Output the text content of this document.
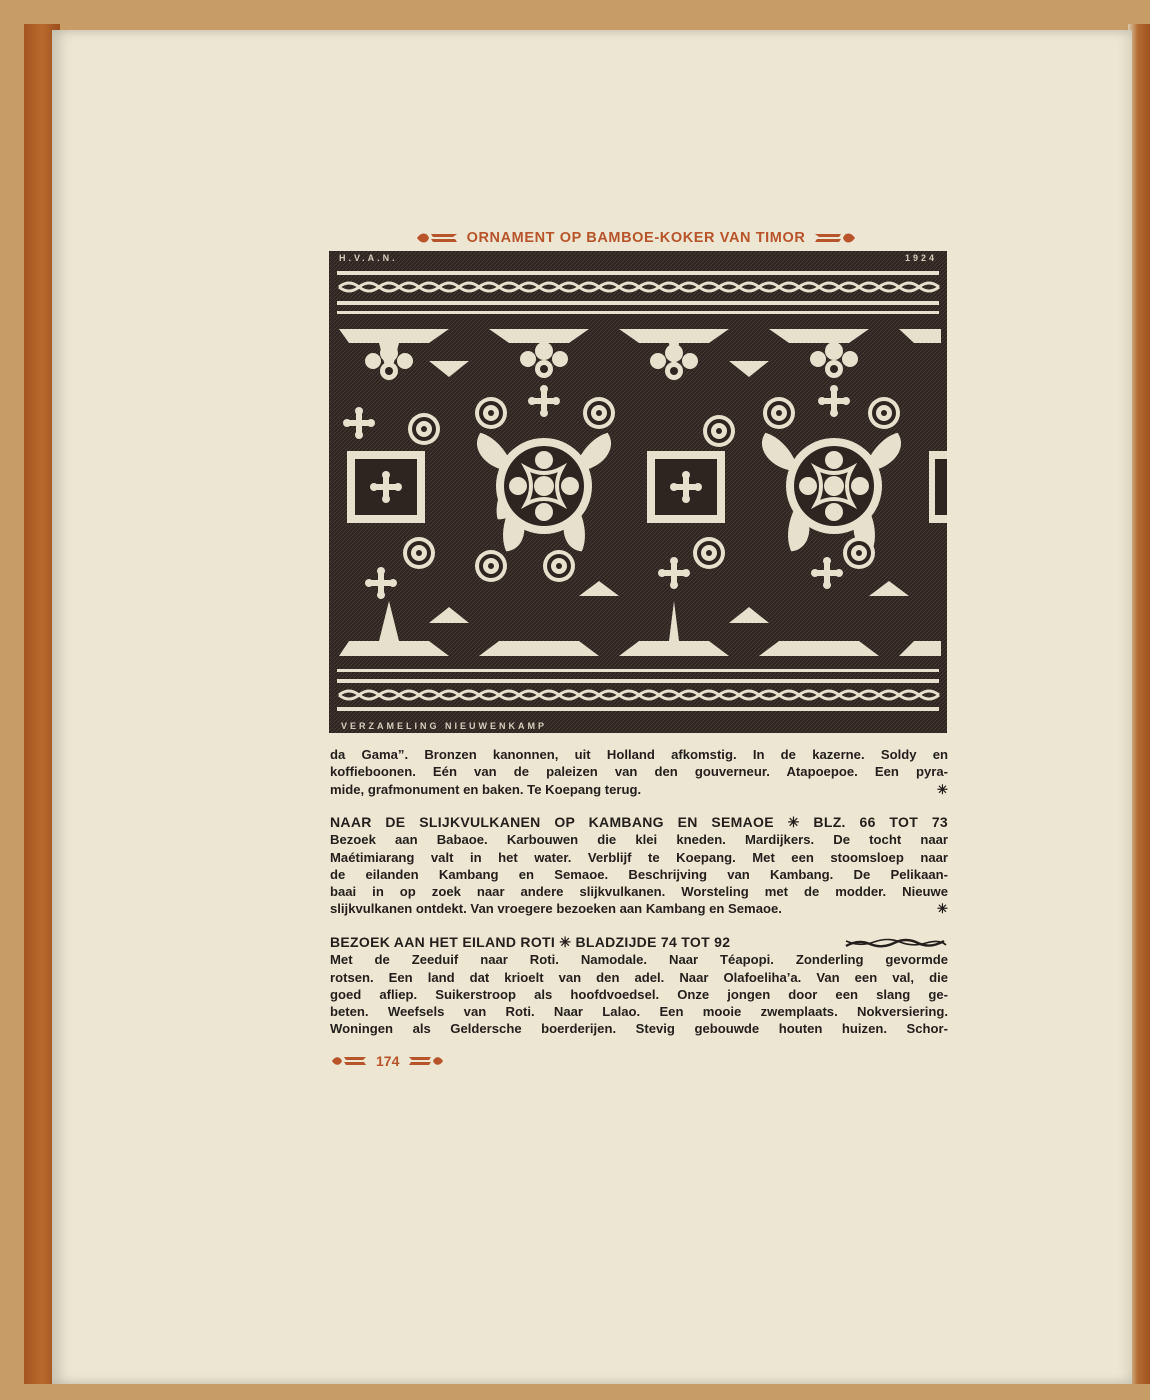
ORNAMENT OP BAMBOE-KOKER VAN TIMOR
H.V.A.N.	1924
VERZAMELING NIEUWENKAMP
da Gama”. Bronzen kanonnen, uit Holland afkomstig. In de kazerne. Soldy en
koffieboonen. Eén van de paleizen van den gouverneur. Atapoepoe. Een pyra-
mide, grafmonument en baken. Te Koepang terug.	✳
NAAR DE SLIJKVULKANEN OP KAMBANG EN SEMAOE ✳ BLZ. 66 TOT 73
Bezoek aan Babaoe. Karbouwen die klei kneden. Mardijkers. De tocht naar
Maétimiarang valt in het water. Verblijf te Koepang. Met een stoomsloep naar
de eilanden Kambang en Semaoe. Beschrijving van Kambang. De Pelikaan-
baai in op zoek naar andere slijkvulkanen. Worsteling met de modder. Nieuwe
slijkvulkanen ontdekt. Van vroegere bezoeken aan Kambang en Semaoe.	✳
BEZOEK AAN HET EILAND ROTI ✳ BLADZIJDE 74 TOT 92
Met de Zeeduif naar Roti. Namodale. Naar Téapopi. Zonderling gevormde
rotsen. Een land dat krioelt van den adel. Naar Olafoeliha’a. Van een val, die
goed afliep. Suikerstroop als hoofdvoedsel. Onze jongen door een slang ge-
beten. Weefsels van Roti. Naar Lalao. Een mooie zwemplaats. Nokversiering.
Woningen als Geldersche boerderijen. Stevig gebouwde houten huizen. Schor-
174
